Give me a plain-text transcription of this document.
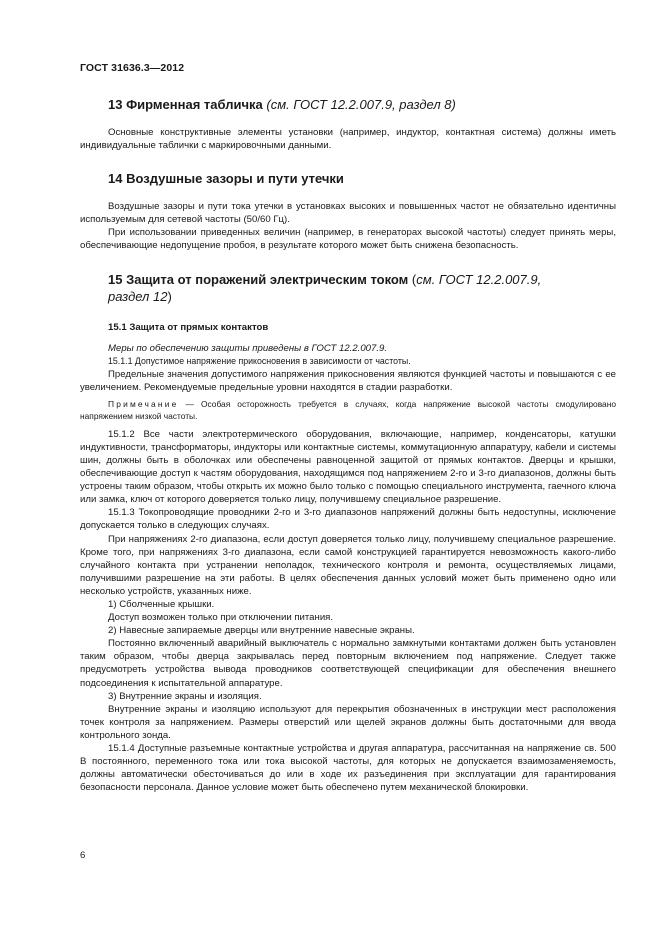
ГОСТ 31636.3—2012
13 Фирменная табличка (см. ГОСТ 12.2.007.9, раздел 8)

Основные конструктивные элементы установки (например, индуктор, контактная система) должны иметь индивидуальные таблички с маркировочными данными.

14 Воздушные зазоры и пути утечки

Воздушные зазоры и пути тока утечки в установках высоких и повышенных частот не обязательно идентичны используемым для сетевой частоты (50/60 Гц).

При использовании приведенных величин (например, в генераторах высокой частоты) следует принять меры, обеспечивающие недопущение пробоя, в результате которого может быть снижена безопасность.

15 Защита от поражений электрическим током (см. ГОСТ 12.2.007.9,
раздел 12)
15.1 Защита от прямых контактов

Меры по обеспечению защиты приведены в ГОСТ 12.2.007.9.

15.1.1 Допустимое напряжение прикосновения в зависимости от частоты.

Предельные значения допустимого напряжения прикосновения являются функцией частоты и повышаются с ее увеличением. Рекомендуемые предельные уровни находятся в стадии разработки.

Примечание — Особая осторожность требуется в случаях, когда напряжение высокой частоты смодулировано напряжением низкой частоты.

15.1.2 Все части электротермического оборудования, включающие, например, конденсаторы, катушки индуктивности, трансформаторы, индукторы или контактные системы, коммутационную аппаратуру, кабели и системы шин, должны быть в оболочках или обеспечены равноценной защитой от прямых контактов. Дверцы и крышки, обеспечивающие доступ к частям оборудования, находящимся под напряжением 2-го и 3-го диапазонов, должны быть устроены таким образом, чтобы открыть их можно было только с помощью специального инструмента, гаечного ключа или замка, ключ от которого доверяется только лицу, получившему специальное разрешение.

15.1.3 Токопроводящие проводники 2-го и 3-го диапазонов напряжений должны быть недоступны, исключение допускается только в следующих случаях.

При напряжениях 2-го диапазона, если доступ доверяется только лицу, получившему специальное разрешение. Кроме того, при напряжениях 3-го диапазона, если самой конструкцией гарантируется невозможность какого-либо случайного контакта при устранении неполадок, технического контроля и ремонта, осуществляемых лицами, получившими разрешение на эти работы. В целях обеспечения данных условий может быть применено одно или несколько устройств, указанных ниже.

1) Сболченные крышки.

Доступ возможен только при отключении питания.

2) Навесные запираемые дверцы или внутренние навесные экраны.

Постоянно включенный аварийный выключатель с нормально замкнутыми контактами должен быть установлен таким образом, чтобы дверца закрывалась перед повторным включением под напряжение. Следует также предусмотреть устройства вывода проводников соответствующей спецификации для обеспечения внешнего подсоединения к испытательной аппаратуре.

3) Внутренние экраны и изоляция.

Внутренние экраны и изоляцию используют для перекрытия обозначенных в инструкции мест расположения точек контроля за напряжением. Размеры отверстий или щелей экранов должны быть достаточными для ввода контрольного зонда.

15.1.4 Доступные разъемные контактные устройства и другая аппаратура, рассчитанная на напряжение св. 500 В постоянного, переменного тока или тока высокой частоты, для которых не допускается взаимозаменяемость, должны автоматически обесточиваться до или в ходе их разъединения при эксплуатации для гарантирования безопасности персонала. Данное условие может быть обеспечено путем механической блокировки.

6
